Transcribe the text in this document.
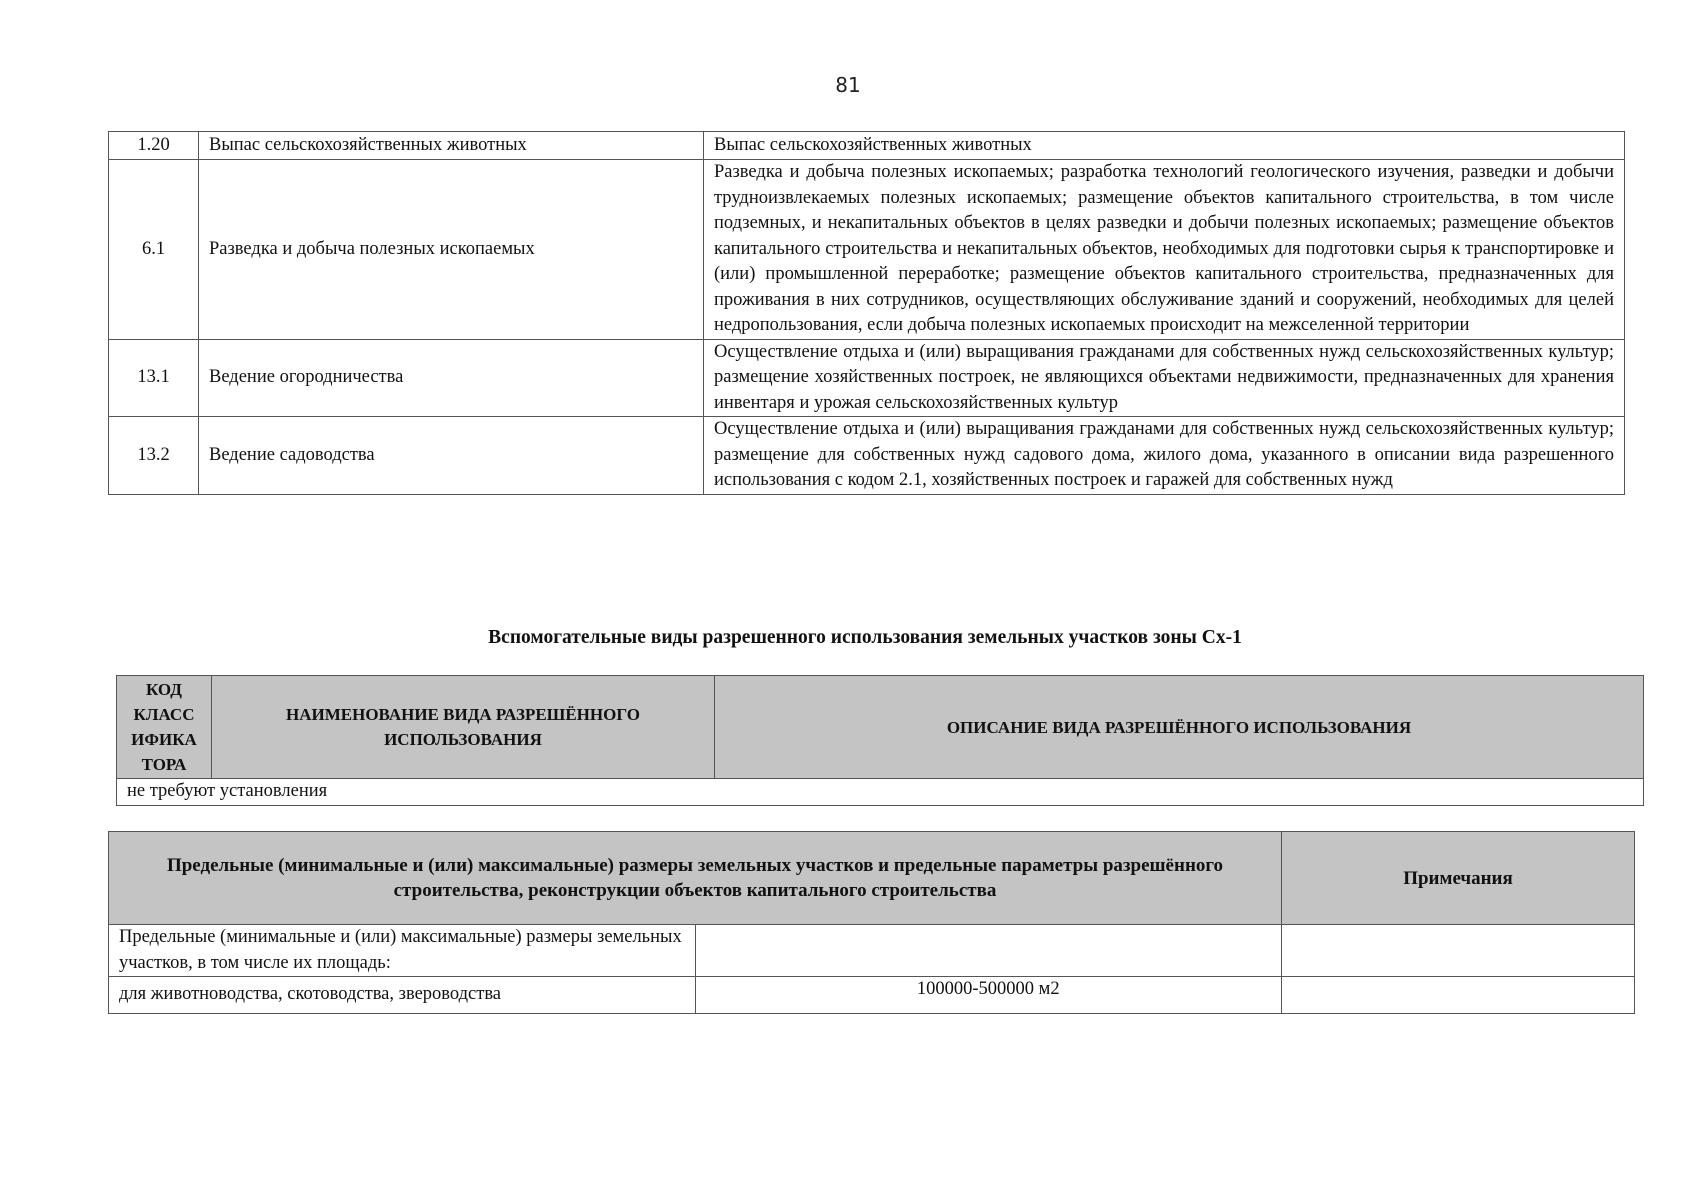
81
1.20	Выпас сельскохозяйственных животных	Выпас сельскохозяйственных животных
6.1	Разведка и добыча полезных ископаемых	Разведка и добыча полезных ископаемых; разработка технологий геологического изучения, разведки и добычи трудноизвлекаемых полезных ископаемых; размещение объектов капитального строительства, в том числе подземных, и некапитальных объектов в целях разведки и добычи полезных ископаемых; размещение объектов капитального строительства и некапитальных объектов, необходимых для подготовки сырья к транспортировке и (или) промышленной переработке; размещение объектов капитального строительства, предназначенных для проживания в них сотрудников, осуществляющих обслуживание зданий и сооружений, необходимых для целей недропользования, если добыча полезных ископаемых происходит на межселенной территории
13.1	Ведение огородничества	Осуществление отдыха и (или) выращивания гражданами для собственных нужд сельскохозяйственных культур; размещение хозяйственных построек, не являющихся объектами недвижимости, предназначенных для хранения инвентаря и урожая сельскохозяйственных культур
13.2	Ведение садоводства	Осуществление отдыха и (или) выращивания гражданами для собственных нужд сельскохозяйственных культур; размещение для собственных нужд садового дома, жилого дома, указанного в описании вида разрешенного использования с кодом 2.1, хозяйственных построек и гаражей для собственных нужд
Вспомогательные виды разрешенного использования земельных участков зоны Сх-1
КОД КЛАСС ИФИКА ТОРА	НАИМЕНОВАНИЕ ВИДА РАЗРЕШЁННОГО ИСПОЛЬЗОВАНИЯ	ОПИСАНИЕ ВИДА РАЗРЕШЁННОГО ИСПОЛЬЗОВАНИЯ
не требуют установления
Предельные (минимальные и (или) максимальные) размеры земельных участков и предельные параметры разрешённого строительства, реконструкции объектов капитального строительства		Примечания
Предельные (минимальные и (или) максимальные) размеры земельных участков, в том числе их площадь:		
для животноводства, скотоводства, звероводства	100000-500000 м2	
